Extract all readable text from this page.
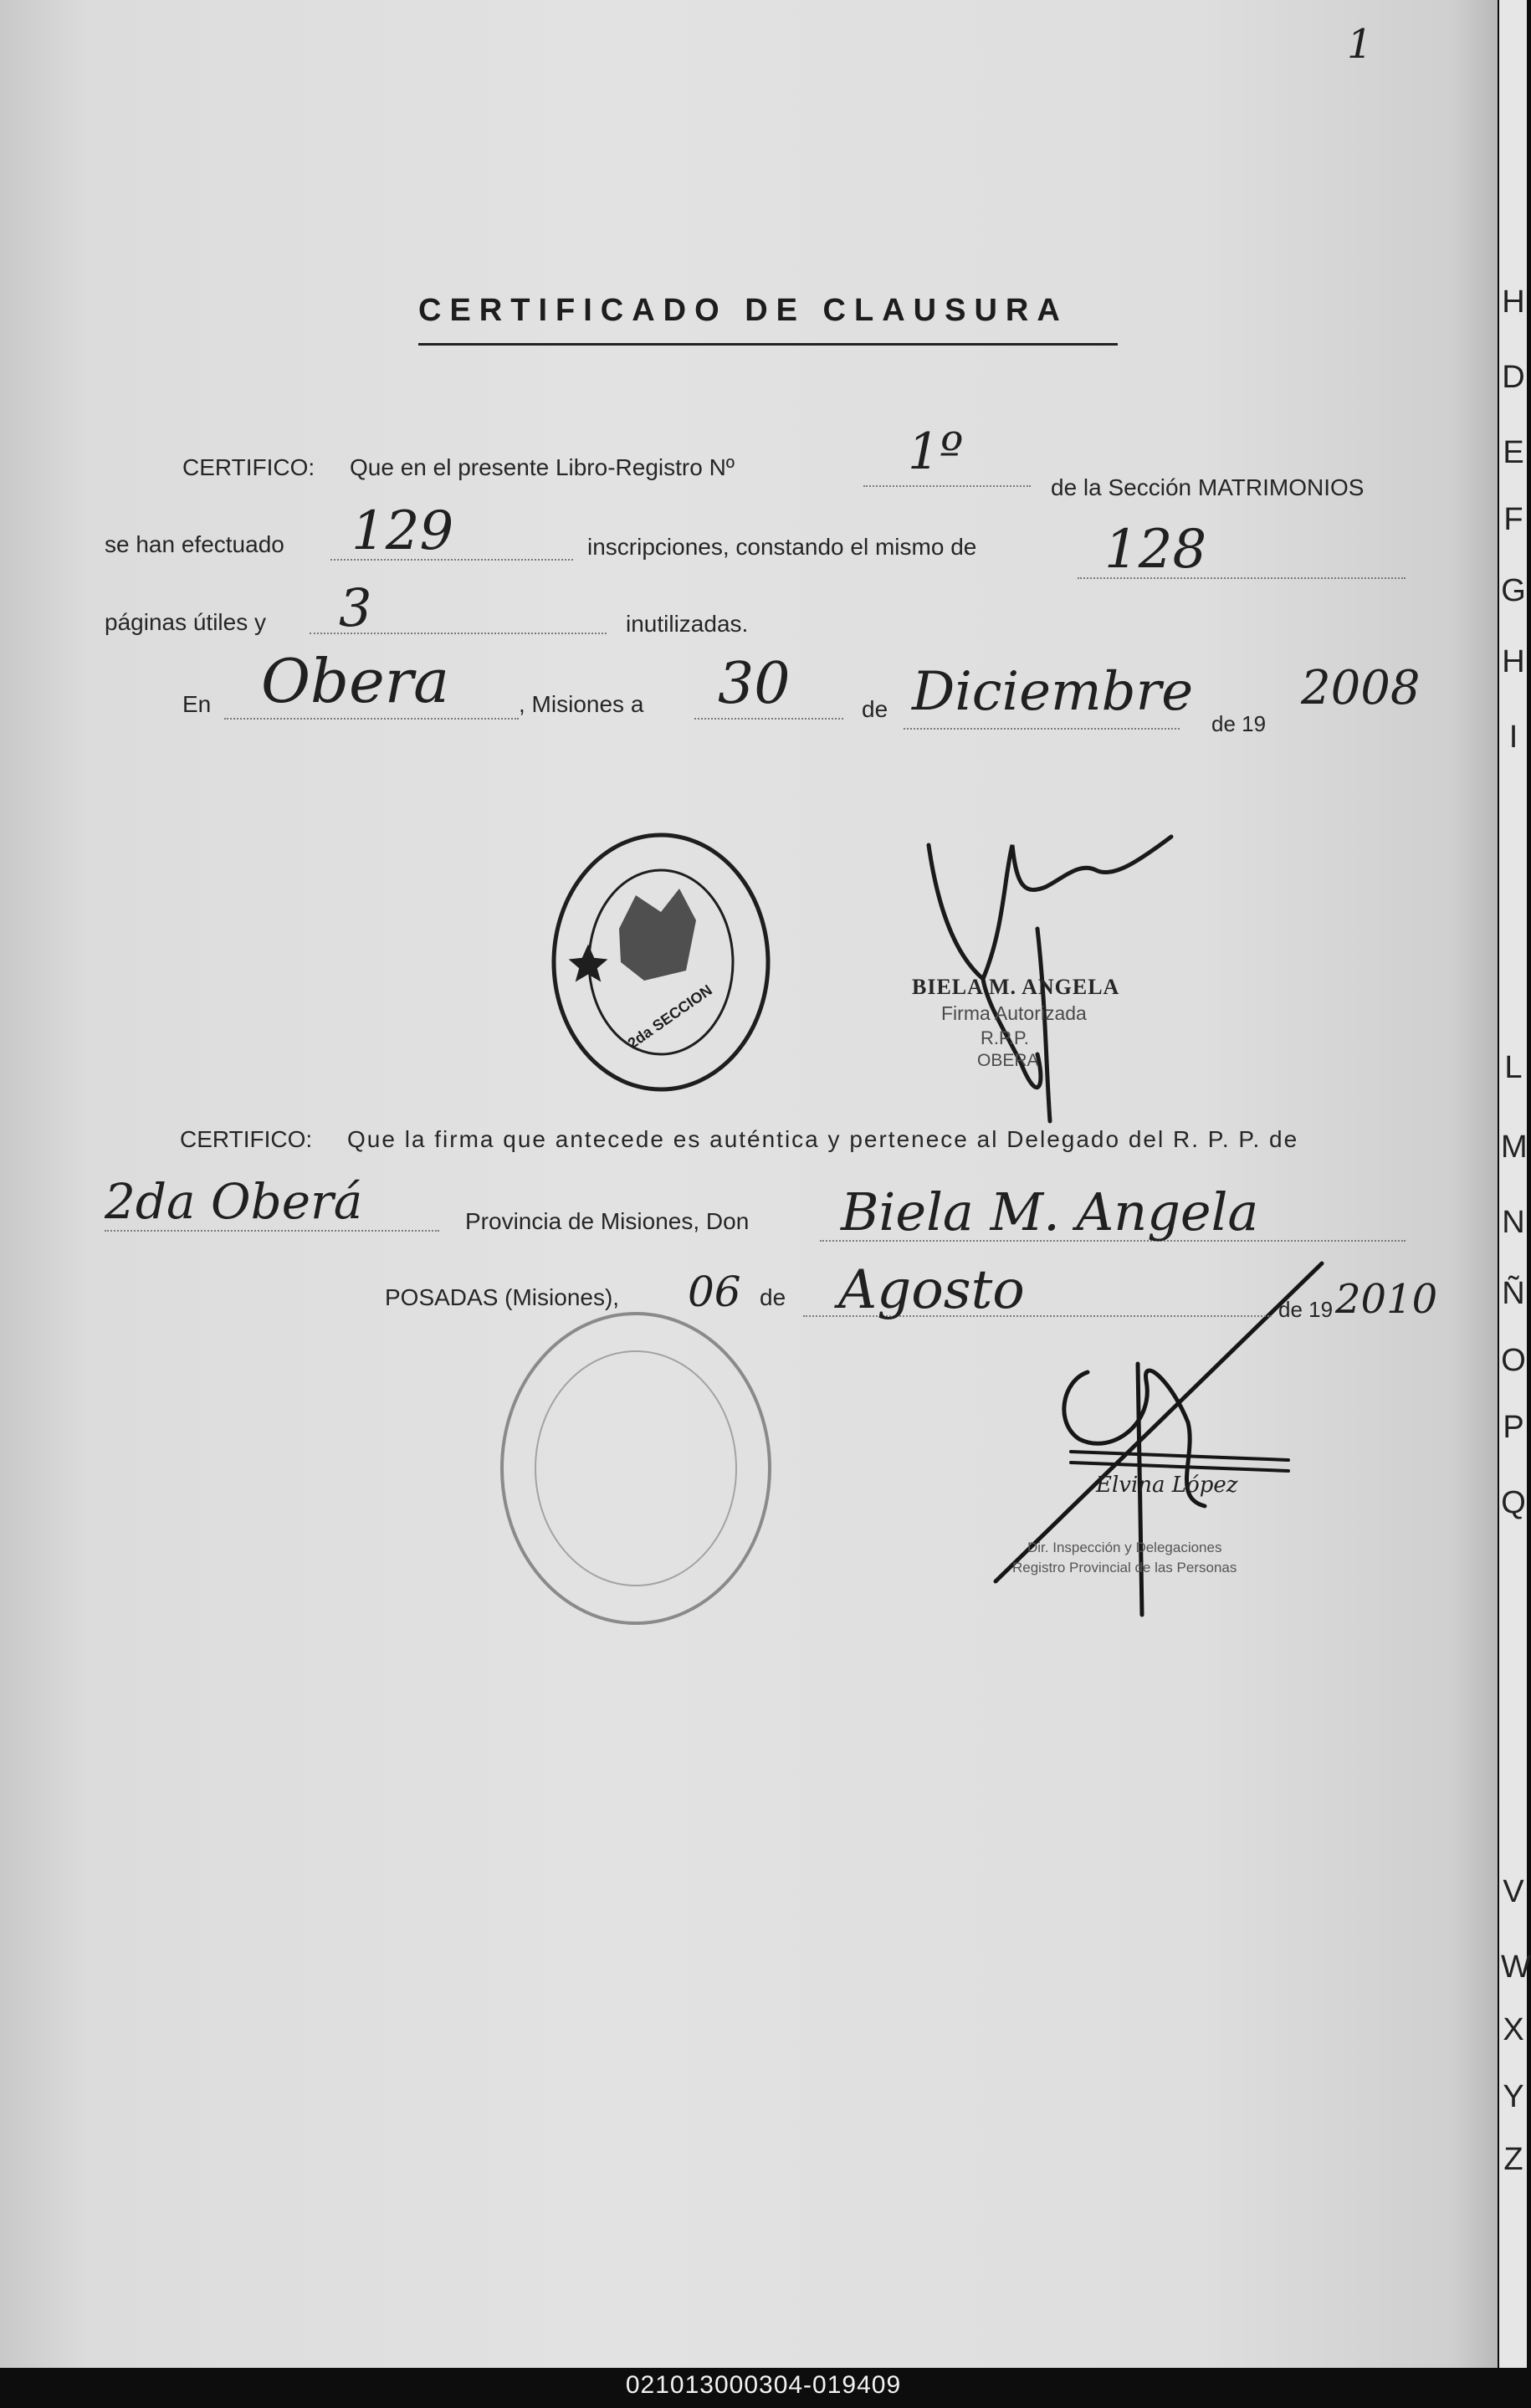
1
CERTIFICADO DE CLAUSURA
CERTIFICO: Que en el presente Libro-Registro Nº	1º
de la Sección MATRIMONIOS
se han efectuado 129	inscripciones, constando el mismo de 128
páginas útiles y 3	inutilizadas.
En Obera	, Misiones a 30	de Diciembre
de 19
2008
2da SECCION	BIELA M. ANGELA
Firma Autorizada
R.P.P.
OBERA
CERTIFICO: Que la firma que antecede es auténtica y pertenece al Delegado del R. P. P. de
2da Oberá	Provincia de Misiones, Don Biela M. Angela
POSADAS (Misiones), 06 de Agosto	de 19 2010
Elvina López
Dir. Inspección y Delegaciones
Registro Provincial de las Personas
H
D
E
F
G
H
I
L
M
N
Ñ
O
P
Q
V
W
X
Y
Z
021013000304-019409
